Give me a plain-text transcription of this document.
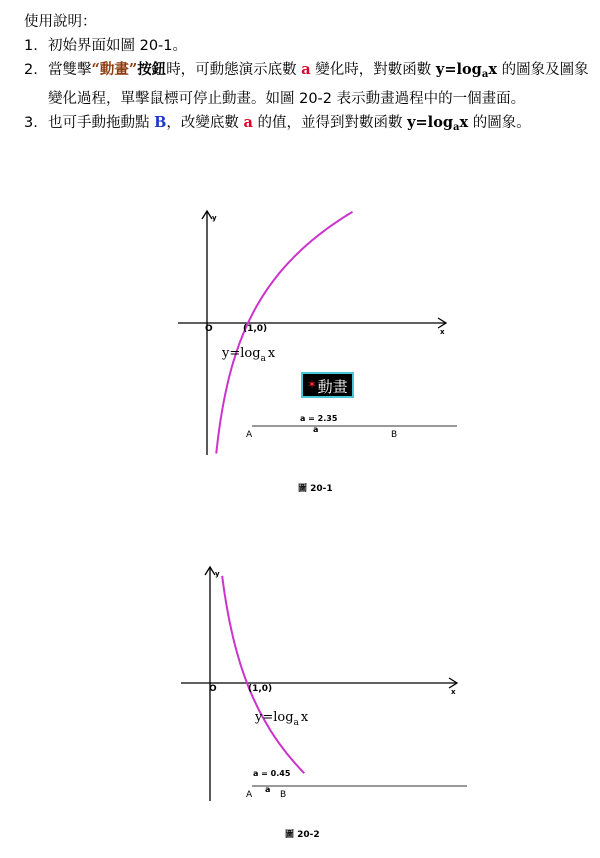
使用說明：

1. 初始界面如圖 20-1。
2. 當雙擊“動畫”按鈕時，可動態演示底數 a 變化時，對數函數 $y=\log_ax$ 的圖象及圖象變化過程，單擊鼠標可停止動畫。如圖 20-2 表示動畫過程中的一個畫面。
3. 也可手動拖動點 B，改變底數 a 的值，並得到對數函數 $y=\log_ax$ 的圖象。
x
y
O	(1,0)
$y=\log_a$ x
a = 2.35
A
a
B
圖 20-1
x
y
O	(1,0)
$y=\log_a$ x
a = 0.45
A
a
B
圖 20-2
✶動畫
